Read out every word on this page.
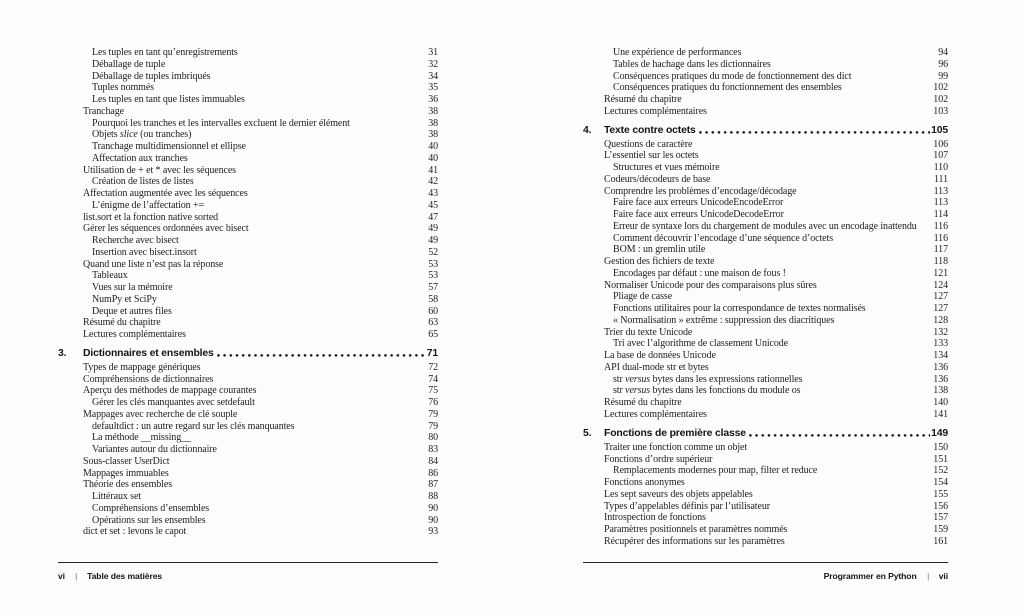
Les tuples en tant qu’enregistrements	31
Déballage de tuple	32
Déballage de tuples imbriqués	34
Tuples nommés	35
Les tuples en tant que listes immuables	36
Tranchage	38
Pourquoi les tranches et les intervalles excluent le dernier élément	38
Objets slice (ou tranches)	38
Tranchage multidimensionnel et ellipse	40
Affectation aux tranches	40
Utilisation de + et * avec les séquences	41
Création de listes de listes	42
Affectation augmentée avec les séquences	43
L’énigme de l’affectation +=	45
list.sort et la fonction native sorted	47
Gérer les séquences ordonnées avec bisect	49
Recherche avec bisect	49
Insertion avec bisect.insort	52
Quand une liste n’est pas la réponse	53
Tableaux	53
Vues sur la mémoire	57
NumPy et SciPy	58
Deque et autres files	60
Résumé du chapitre	63
Lectures complémentaires	65
3.	Dictionnaires et ensembles	71
Types de mappage génériques	72
Compréhensions de dictionnaires	74
Aperçu des méthodes de mappage courantes	75
Gérer les clés manquantes avec setdefault	76
Mappages avec recherche de clé souple	79
defaultdict : un autre regard sur les clés manquantes	79
La méthode __missing__	80
Variantes autour du dictionnaire	83
Sous-classer UserDict	84
Mappages immuables	86
Théorie des ensembles	87
Littéraux set	88
Compréhensions d’ensembles	90
Opérations sur les ensembles	90
dict et set : levons le capot	93
vi | Table des matières
Une expérience de performances	94
Tables de hachage dans les dictionnaires	96
Conséquences pratiques du mode de fonctionnement des dict	99
Conséquences pratiques du fonctionnement des ensembles	102
Résumé du chapitre	102
Lectures complémentaires	103
4.	Texte contre octets	105
Questions de caractère	106
L’essentiel sur les octets	107
Structures et vues mémoire	110
Codeurs/décodeurs de base	111
Comprendre les problèmes d’encodage/décodage	113
Faire face aux erreurs UnicodeEncodeError	113
Faire face aux erreurs UnicodeDecodeError	114
Erreur de syntaxe lors du chargement de modules avec un encodage inattendu 116
Comment découvrir l’encodage d’une séquence d’octets	116
BOM : un gremlin utile	117
Gestion des fichiers de texte	118
Encodages par défaut : une maison de fous !	121
Normaliser Unicode pour des comparaisons plus sûres	124
Pliage de casse	127
Fonctions utilitaires pour la correspondance de textes normalisés	127
« Normalisation » extrême : suppression des diacritiques	128
Trier du texte Unicode	132
Tri avec l’algorithme de classement Unicode	133
La base de données Unicode	134
API dual-mode str et bytes	136
str versus bytes dans les expressions rationnelles	136
str versus bytes dans les fonctions du module os	138
Résumé du chapitre	140
Lectures complémentaires	141
5.	Fonctions de première classe	149
Traiter une fonction comme un objet	150
Fonctions d’ordre supérieur	151
Remplacements modernes pour map, filter et reduce	152
Fonctions anonymes	154
Les sept saveurs des objets appelables	155
Types d’appelables définis par l’utilisateur	156
Introspection de fonctions	157
Paramètres positionnels et paramètres nommés	159
Récupérer des informations sur les paramètres	161
Programmer en Python | vii
